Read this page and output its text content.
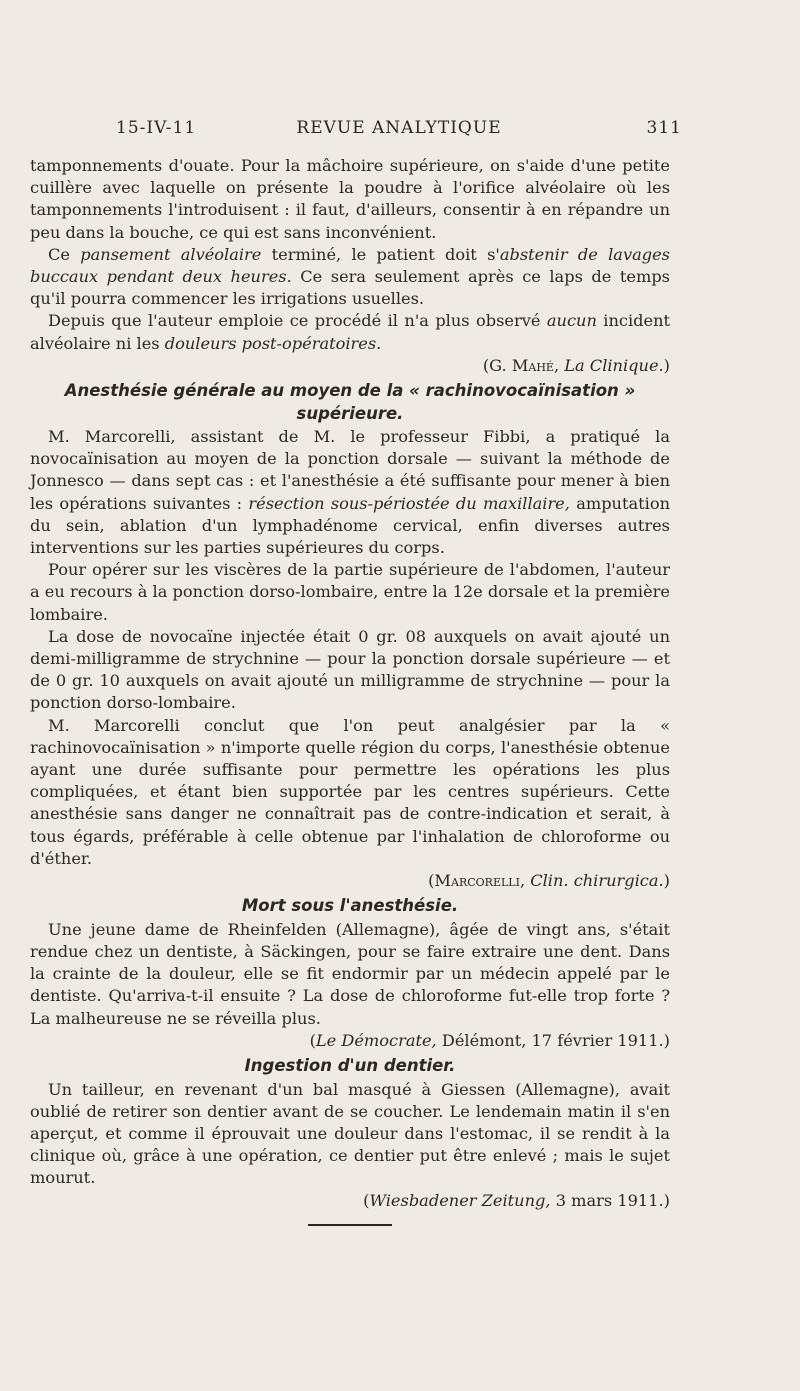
15-IV-11	REVUE ANALYTIQUE	311

tamponnements d'ouate. Pour la mâchoire supérieure, on s'aide d'une petite cuillère avec laquelle on présente la poudre à l'orifice alvéolaire où les tamponnements l'introduisent : il faut, d'ailleurs, consentir à en répandre un peu dans la bouche, ce qui est sans inconvénient.

Ce pansement alvéolaire terminé, le patient doit s'abstenir de lavages buccaux pendant deux heures. Ce sera seulement après ce laps de temps qu'il pourra commencer les irrigations usuelles.

Depuis que l'auteur emploie ce procédé il n'a plus observé aucun incident alvéolaire ni les douleurs post-opératoires.

(G. Mahé, La Clinique.)

Anesthésie générale au moyen de la « rachinovocaïnisation » supérieure.

M. Marcorelli, assistant de M. le professeur Fibbi, a pratiqué la novocaïnisation au moyen de la ponction dorsale — suivant la méthode de Jonnesco — dans sept cas : et l'anesthésie a été suffisante pour mener à bien les opérations suivantes : résection sous-périostée du maxillaire, amputation du sein, ablation d'un lymphadénome cervical, enfin diverses autres interventions sur les parties supérieures du corps.

Pour opérer sur les viscères de la partie supérieure de l'abdomen, l'auteur a eu recours à la ponction dorso-lombaire, entre la 12e dorsale et la première lombaire.

La dose de novocaïne injectée était 0 gr. 08 auxquels on avait ajouté un demi-milligramme de strychnine — pour la ponction dorsale supérieure — et de 0 gr. 10 auxquels on avait ajouté un milligramme de strychnine — pour la ponction dorso-lombaire.

M. Marcorelli conclut que l'on peut analgésier par la « rachinovocaïnisation » n'importe quelle région du corps, l'anesthésie obtenue ayant une durée suffisante pour permettre les opérations les plus compliquées, et étant bien supportée par les centres supérieurs. Cette anesthésie sans danger ne connaîtrait pas de contre-indication et serait, à tous égards, préférable à celle obtenue par l'inhalation de chloroforme ou d'éther.

(Marcorelli, Clin. chirurgica.)

Mort sous l'anesthésie.

Une jeune dame de Rheinfelden (Allemagne), âgée de vingt ans, s'était rendue chez un dentiste, à Säckingen, pour se faire extraire une dent. Dans la crainte de la douleur, elle se fit endormir par un médecin appelé par le dentiste. Qu'arriva-t-il ensuite ? La dose de chloroforme fut-elle trop forte ? La malheureuse ne se réveilla plus.

(Le Démocrate, Délémont, 17 février 1911.)

Ingestion d'un dentier.

Un tailleur, en revenant d'un bal masqué à Giessen (Allemagne), avait oublié de retirer son dentier avant de se coucher. Le lendemain matin il s'en aperçut, et comme il éprouvait une douleur dans l'estomac, il se rendit à la clinique où, grâce à une opération, ce dentier put être enlevé ; mais le sujet mourut.

(Wiesbadener Zeitung, 3 mars 1911.)
